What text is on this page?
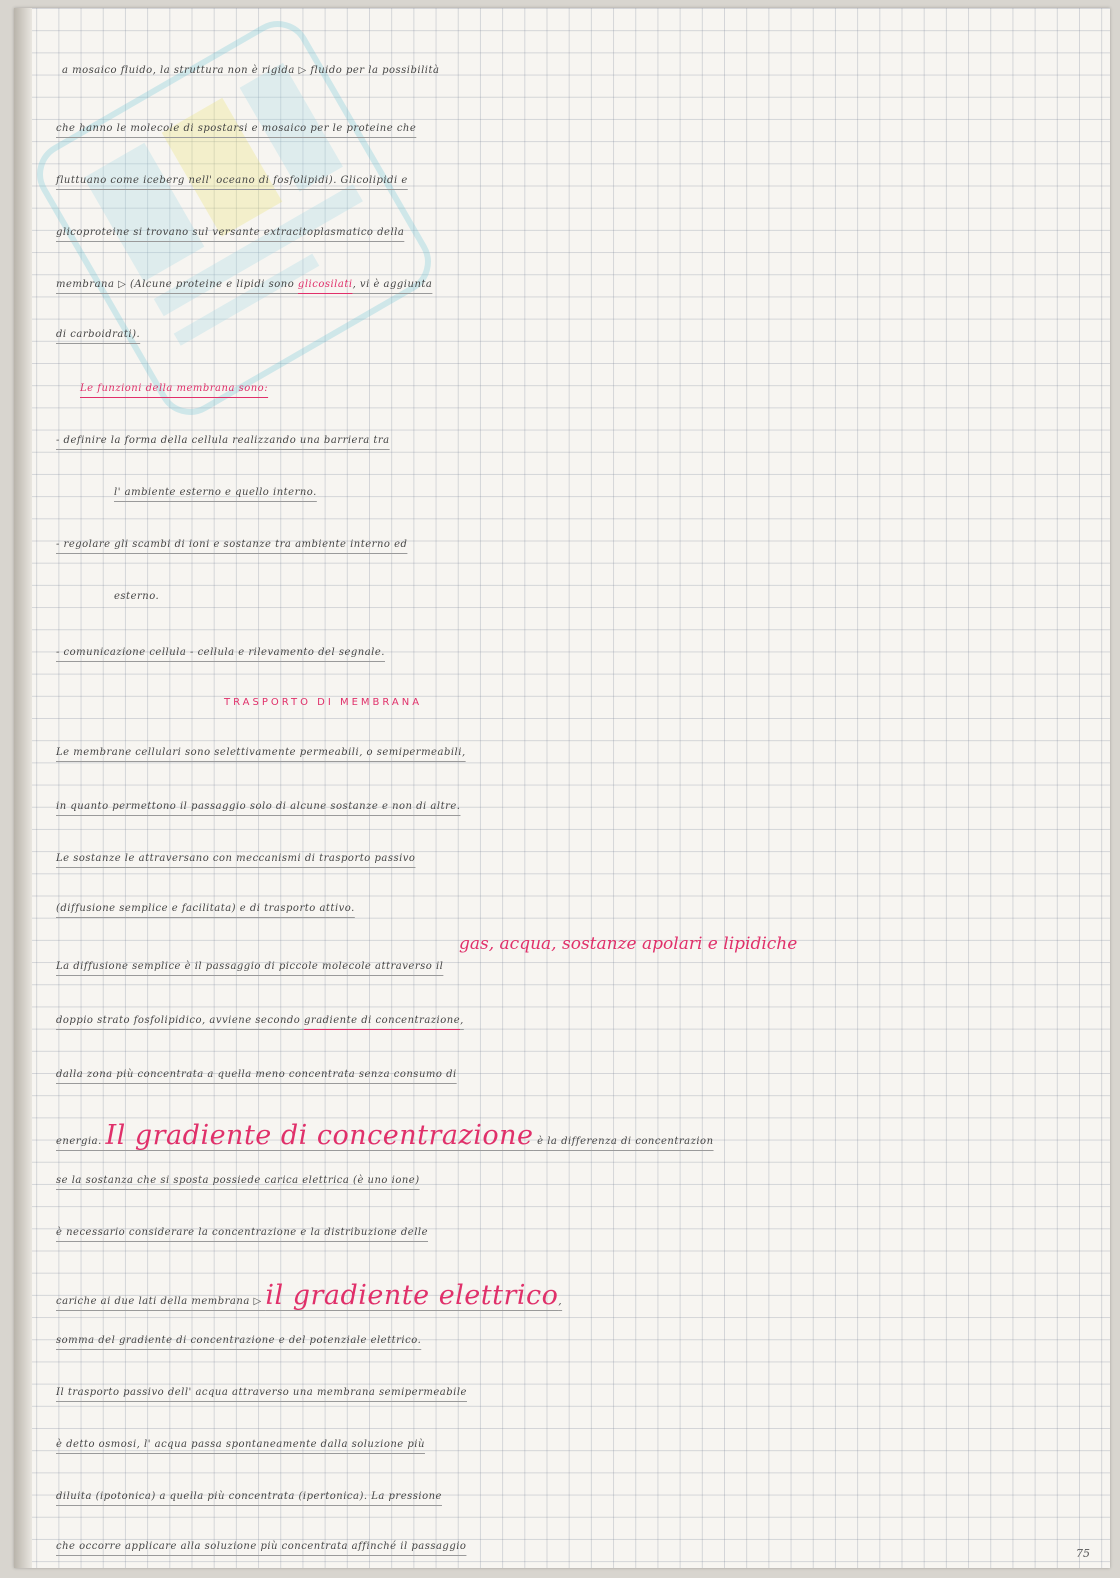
a mosaico fluido, la struttura non è rigida ▷ fluido per la possibilità
che hanno le molecole di spostarsi e mosaico per le proteine che
fluttuano come iceberg nell' oceano di fosfolipidi). Glicolipidi e
glicoproteine si trovano sul versante extracitoplasmatico della
membrana ▷ (Alcune proteine e lipidi sono glicosilati, vi è aggiunta
di carboidrati).
Le funzioni della membrana sono:
- definire la forma della cellula realizzando una barriera tra
l' ambiente esterno e quello interno.
- regolare gli scambi di ioni e sostanze tra ambiente interno ed
esterno.
- comunicazione cellula - cellula e rilevamento del segnale.
TRASPORTO DI MEMBRANA
Le membrane cellulari sono selettivamente permeabili, o semipermeabili,
in quanto permettono il passaggio solo di alcune sostanze e non di altre.
Le sostanze le attraversano con meccanismi di trasporto passivo
(diffusione semplice e facilitata) e di trasporto attivo.
gas, acqua, sostanze apolari e lipidiche
La diffusione semplice è il passaggio di piccole molecole attraverso il
doppio strato fosfolipidico, avviene secondo gradiente di concentrazione,
dalla zona più concentrata a quella meno concentrata senza consumo di
energia. Il gradiente di concentrazione è la differenza di concentrazion
se la sostanza che si sposta possiede carica elettrica (è uno ione)
è necessario considerare la concentrazione e la distribuzione delle
cariche ai due lati della membrana ▷ il gradiente elettrico,
somma del gradiente di concentrazione e del potenziale elettrico.
Il trasporto passivo dell' acqua attraverso una membrana semipermeabile
è detto osmosi, l' acqua passa spontaneamente dalla soluzione più
diluita (ipotonica) a quella più concentrata (ipertonica). La pressione
che occorre applicare alla soluzione più concentrata affinché il passaggio
75
